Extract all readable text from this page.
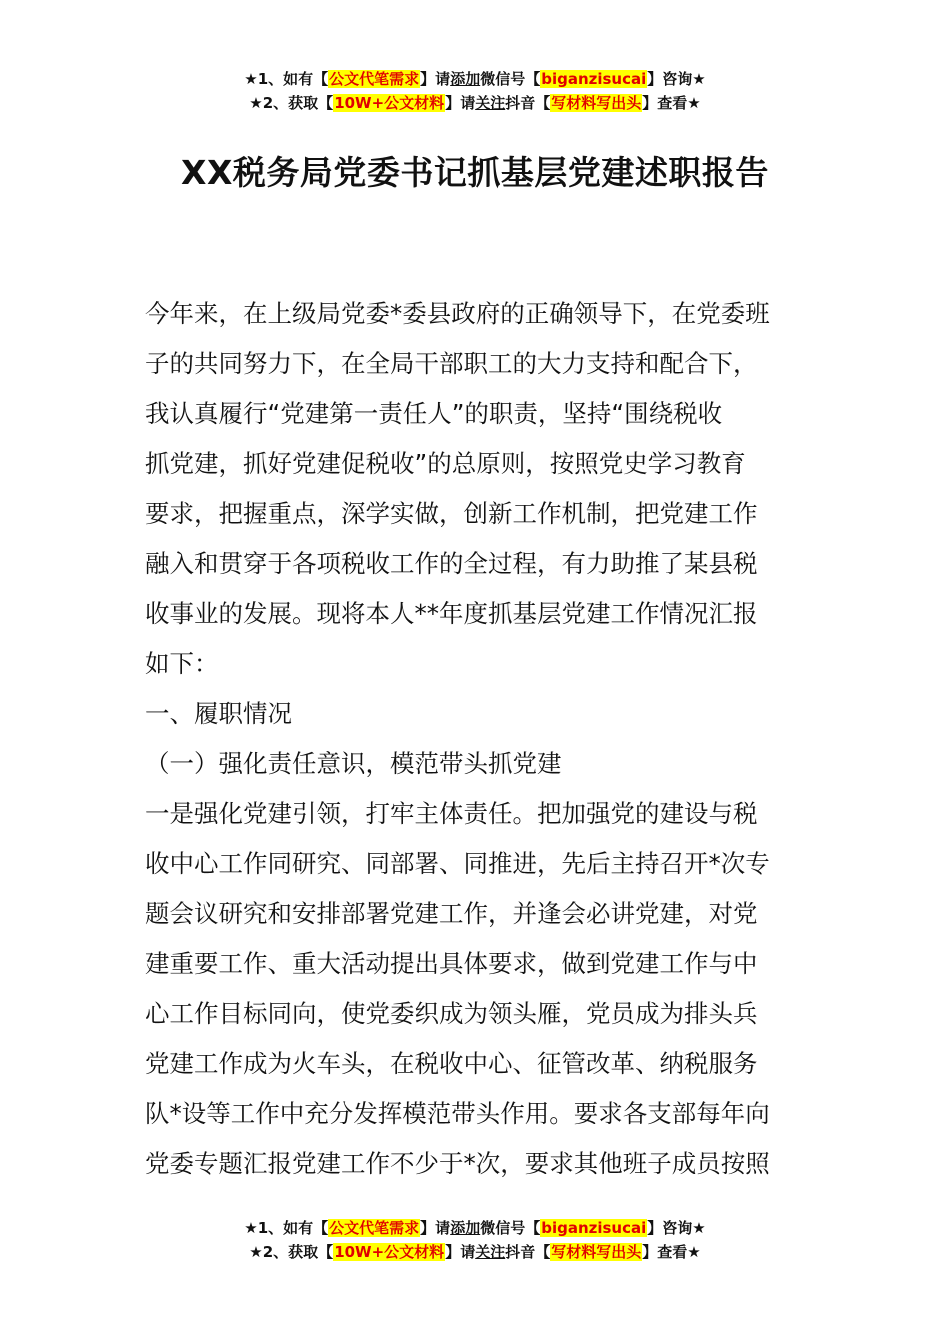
★1、如有【公文代笔需求】请添加微信号【biganzisucai】咨询★
★2、获取【10W+公文材料】请关注抖音【写材料写出头】查看★
XX税务局党委书记抓基层党建述职报告

今年来，在上级局党委*委县政府的正确领导下，在党委班

子的共同努力下，在全局干部职工的大力支持和配合下，

我认真履行“党建第一责任人”的职责，坚持“围绕税收

抓党建，抓好党建促税收”的总原则，按照党史学习教育

要求，把握重点，深学实做，创新工作机制，把党建工作

融入和贯穿于各项税收工作的全过程，有力助推了某县税

收事业的发展。现将本人**年度抓基层党建工作情况汇报

如下：

一、履职情况

（一）强化责任意识，模范带头抓党建

一是强化党建引领，打牢主体责任。把加强党的建设与税

收中心工作同研究、同部署、同推进，先后主持召开*次专

题会议研究和安排部署党建工作，并逢会必讲党建，对党

建重要工作、重大活动提出具体要求，做到党建工作与中

心工作目标同向，使党委织成为领头雁，党员成为排头兵

党建工作成为火车头，在税收中心、征管改革、纳税服务

队*设等工作中充分发挥模范带头作用。要求各支部每年向

党委专题汇报党建工作不少于*次，要求其他班子成员按照

★1、如有【公文代笔需求】请添加微信号【biganzisucai】咨询★
★2、获取【10W+公文材料】请关注抖音【写材料写出头】查看★
